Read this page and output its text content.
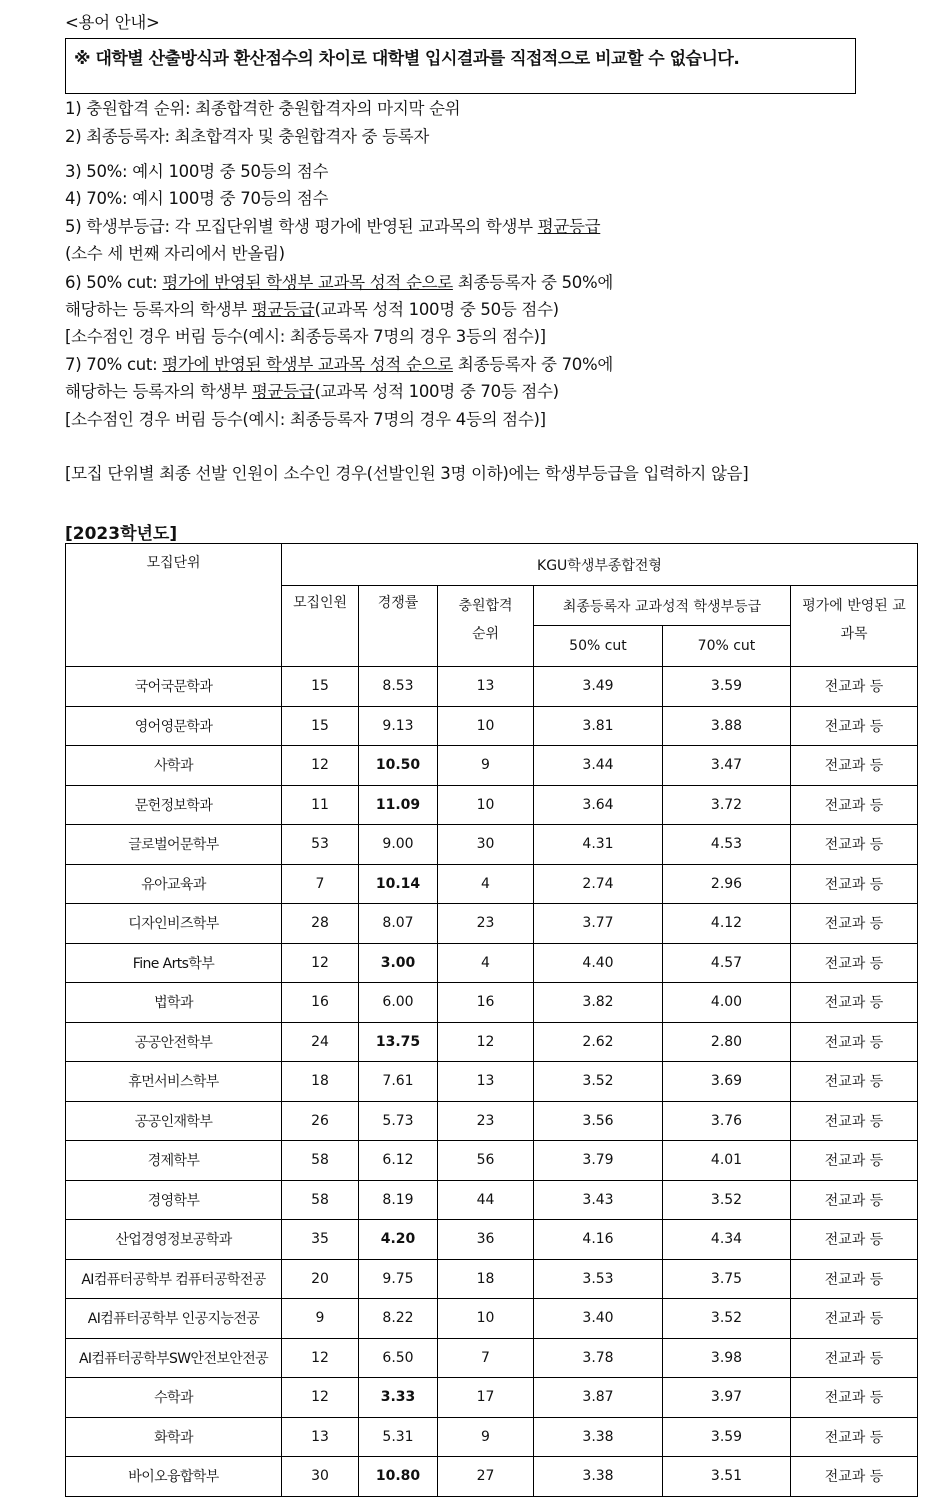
<용어 안내>
※ 대학별 산출방식과 환산점수의 차이로 대학별 입시결과를 직접적으로 비교할 수 없습니다.
1) 충원합격 순위: 최종합격한 충원합격자의 마지막 순위
2) 최종등록자: 최초합격자 및 충원합격자 중 등록자
3) 50%: 예시 100명 중 50등의 점수
4) 70%: 예시 100명 중 70등의 점수
5) 학생부등급: 각 모집단위별 학생 평가에 반영된 교과목의 학생부 평균등급
(소수 세 번째 자리에서 반올림)
6) 50% cut: 평가에 반영된 학생부 교과목 성적 순으로 최종등록자 중 50%에
해당하는 등록자의 학생부 평균등급(교과목 성적 100명 중 50등 점수)
[소수점인 경우 버림 등수(예시: 최종등록자 7명의 경우 3등의 점수)]
7) 70% cut: 평가에 반영된 학생부 교과목 성적 순으로 최종등록자 중 70%에
해당하는 등록자의 학생부 평균등급(교과목 성적 100명 중 70등 점수)
[소수점인 경우 버림 등수(예시: 최종등록자 7명의 경우 4등의 점수)]
[모집 단위별 최종 선발 인원이 소수인 경우(선발인원 3명 이하)에는 학생부등급을 입력하지 않음]
[2023학년도]
모집단위	KGU학생부종합전형					
	모집인원	경쟁률	충원합격 순위	최종등록자 교과성적 학생부등급		평가에 반영된 교과목
				50% cut	70% cut	
국어국문학과	15	8.53	13	3.49	3.59	전교과 등
영어영문학과	15	9.13	10	3.81	3.88	전교과 등
사학과	12	10.50	9	3.44	3.47	전교과 등
문헌정보학과	11	11.09	10	3.64	3.72	전교과 등
글로벌어문학부	53	9.00	30	4.31	4.53	전교과 등
유아교육과	7	10.14	4	2.74	2.96	전교과 등
디자인비즈학부	28	8.07	23	3.77	4.12	전교과 등
Fine Arts학부	12	3.00	4	4.40	4.57	전교과 등
법학과	16	6.00	16	3.82	4.00	전교과 등
공공안전학부	24	13.75	12	2.62	2.80	전교과 등
휴먼서비스학부	18	7.61	13	3.52	3.69	전교과 등
공공인재학부	26	5.73	23	3.56	3.76	전교과 등
경제학부	58	6.12	56	3.79	4.01	전교과 등
경영학부	58	8.19	44	3.43	3.52	전교과 등
산업경영정보공학과	35	4.20	36	4.16	4.34	전교과 등
AI컴퓨터공학부 컴퓨터공학전공	20	9.75	18	3.53	3.75	전교과 등
AI컴퓨터공학부 인공지능전공	9	8.22	10	3.40	3.52	전교과 등
AI컴퓨터공학부SW안전보안전공	12	6.50	7	3.78	3.98	전교과 등
수학과	12	3.33	17	3.87	3.97	전교과 등
화학과	13	5.31	9	3.38	3.59	전교과 등
바이오융합학부	30	10.80	27	3.38	3.51	전교과 등
